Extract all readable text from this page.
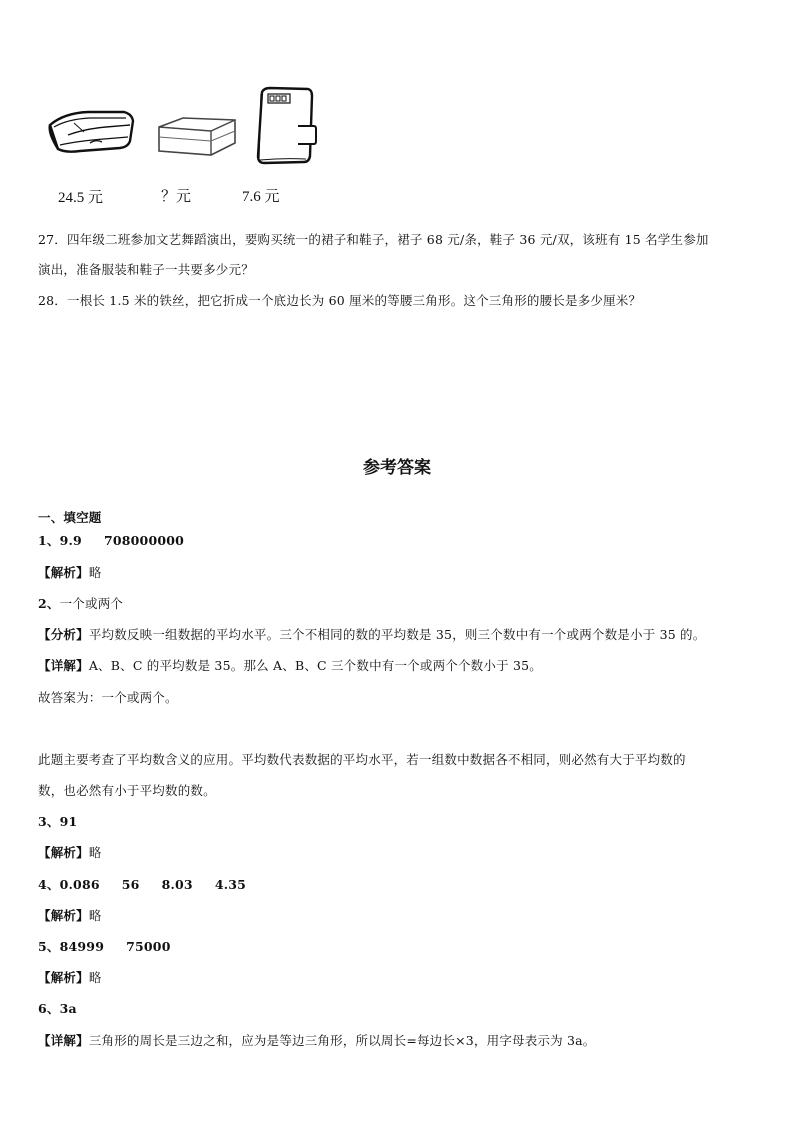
24.5 元	？元	7.6 元
27．四年级二班参加文艺舞蹈演出，要购买统一的裙子和鞋子，裙子 68 元/条，鞋子 36 元/双，该班有 15 名学生参加
演出，准备服装和鞋子一共要多少元？
28．一根长 1.5 米的铁丝，把它折成一个底边长为 60 厘米的等腰三角形。这个三角形的腰长是多少厘米？
参考答案
一、填空题
1、9.9 708000000
【解析】略
2、一个或两个
【分析】平均数反映一组数据的平均水平。三个不相同的数的平均数是 35，则三个数中有一个或两个数是小于 35 的。
【详解】A、B、C 的平均数是 35。那么 A、B、C 三个数中有一个或两个个数小于 35。
故答案为：一个或两个。
此题主要考查了平均数含义的应用。平均数代表数据的平均水平，若一组数中数据各不相同，则必然有大于平均数的
数，也必然有小于平均数的数。
3、91
【解析】略
4、0.086 56 8.03 4.35
【解析】略
5、84999 75000
【解析】略
6、3a
【详解】三角形的周长是三边之和，应为是等边三角形，所以周长=每边长×3，用字母表示为 3a。
